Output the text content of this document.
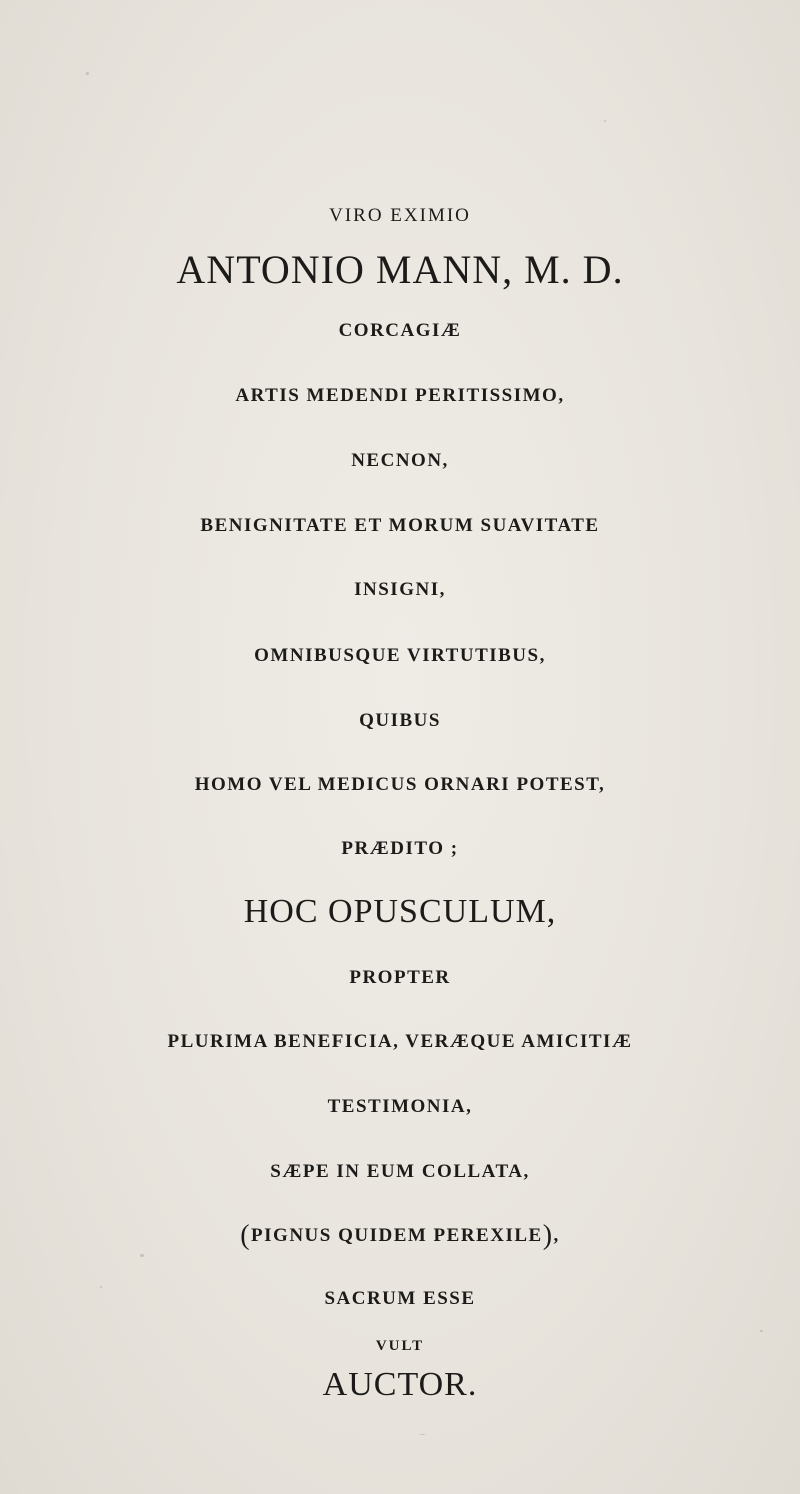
VIRO EXIMIO
ANTONIO MANN, M. D.
CORCAGIÆ
ARTIS MEDENDI PERITISSIMO,
NECNON,
BENIGNITATE ET MORUM SUAVITATE
INSIGNI,
OMNIBUSQUE VIRTUTIBUS,
QUIBUS
HOMO VEL MEDICUS ORNARI POTEST,
PRÆDITO ;
HOC OPUSCULUM,
PROPTER
PLURIMA BENEFICIA, VERÆQUE AMICITIÆ
TESTIMONIA,
SÆPE IN EUM COLLATA,
(PIGNUS QUIDEM PEREXILE),
SACRUM ESSE
VULT
AUCTOR.
